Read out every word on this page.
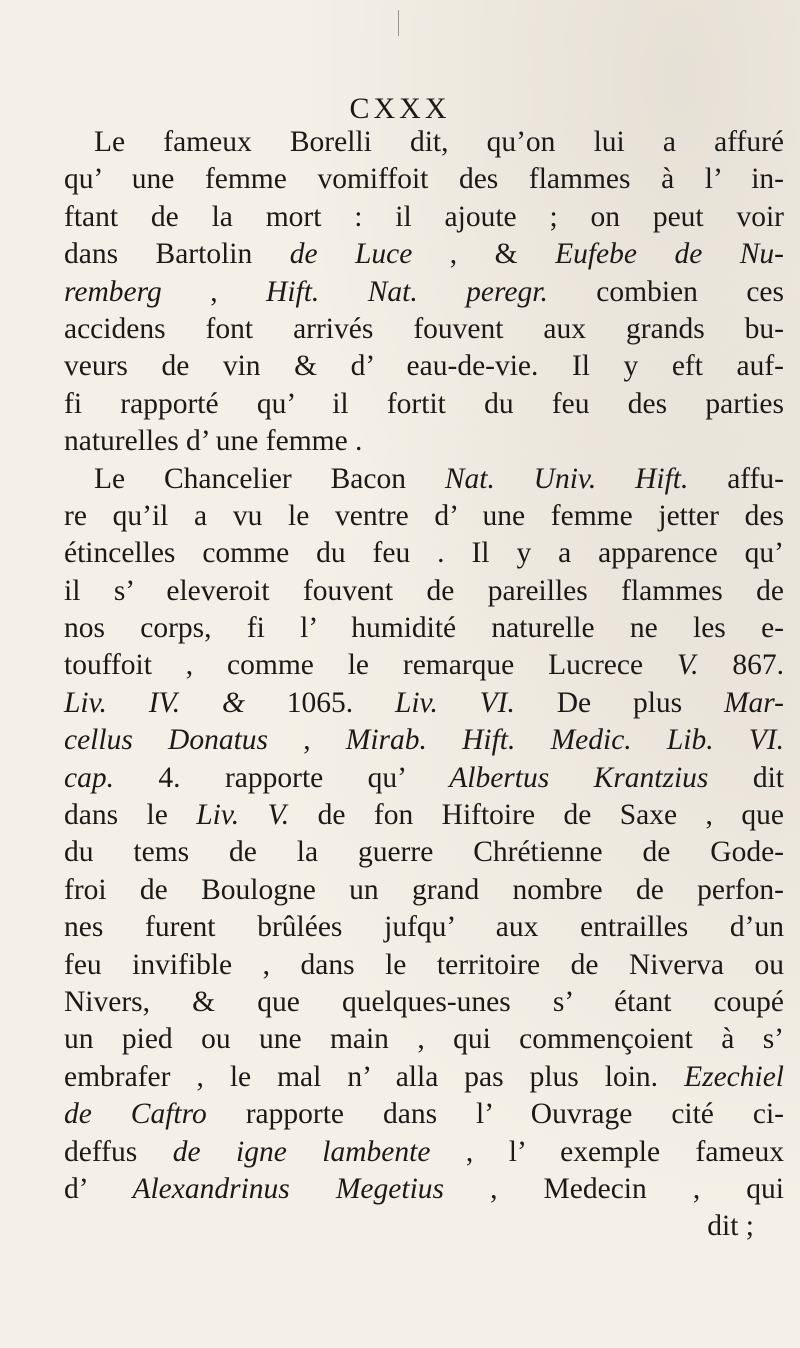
CXXX
Le fameux Borelli dit, qu’on lui a affuré
qu’ une femme vomiffoit des flammes à l’ in-
ftant de la mort : il ajoute ; on peut voir
dans Bartolin de Luce , & Eufebe de Nu-
remberg , Hift. Nat. peregr. combien ces
accidens font arrivés fouvent aux grands bu-
veurs de vin & d’ eau-de-vie. Il y eft auf-
fi rapporté qu’ il fortit du feu des parties
naturelles d’ une femme .
Le Chancelier Bacon Nat. Univ. Hift. affu-
re qu’il a vu le ventre d’ une femme jetter des
étincelles comme du feu . Il y a apparence qu’
il s’ eleveroit fouvent de pareilles flammes de
nos corps, fi l’ humidité naturelle ne les e-
touffoit , comme le remarque Lucrece V. 867.
Liv. IV. & 1065. Liv. VI. De plus Mar-
cellus Donatus , Mirab. Hift. Medic. Lib. VI.
cap. 4. rapporte qu’ Albertus Krantzius dit
dans le Liv. V. de fon Hiftoire de Saxe , que
du tems de la guerre Chrétienne de Gode-
froi de Boulogne un grand nombre de perfon-
nes furent brûlées jufqu’ aux entrailles d’un
feu invifible , dans le territoire de Niverva ou
Nivers, & que quelques-unes s’ étant coupé
un pied ou une main , qui commençoient à s’
embrafer , le mal n’ alla pas plus loin. Ezechiel
de Caftro rapporte dans l’ Ouvrage cité ci-
deffus de igne lambente , l’ exemple fameux
d’ Alexandrinus Megetius , Medecin , qui
dit ;
